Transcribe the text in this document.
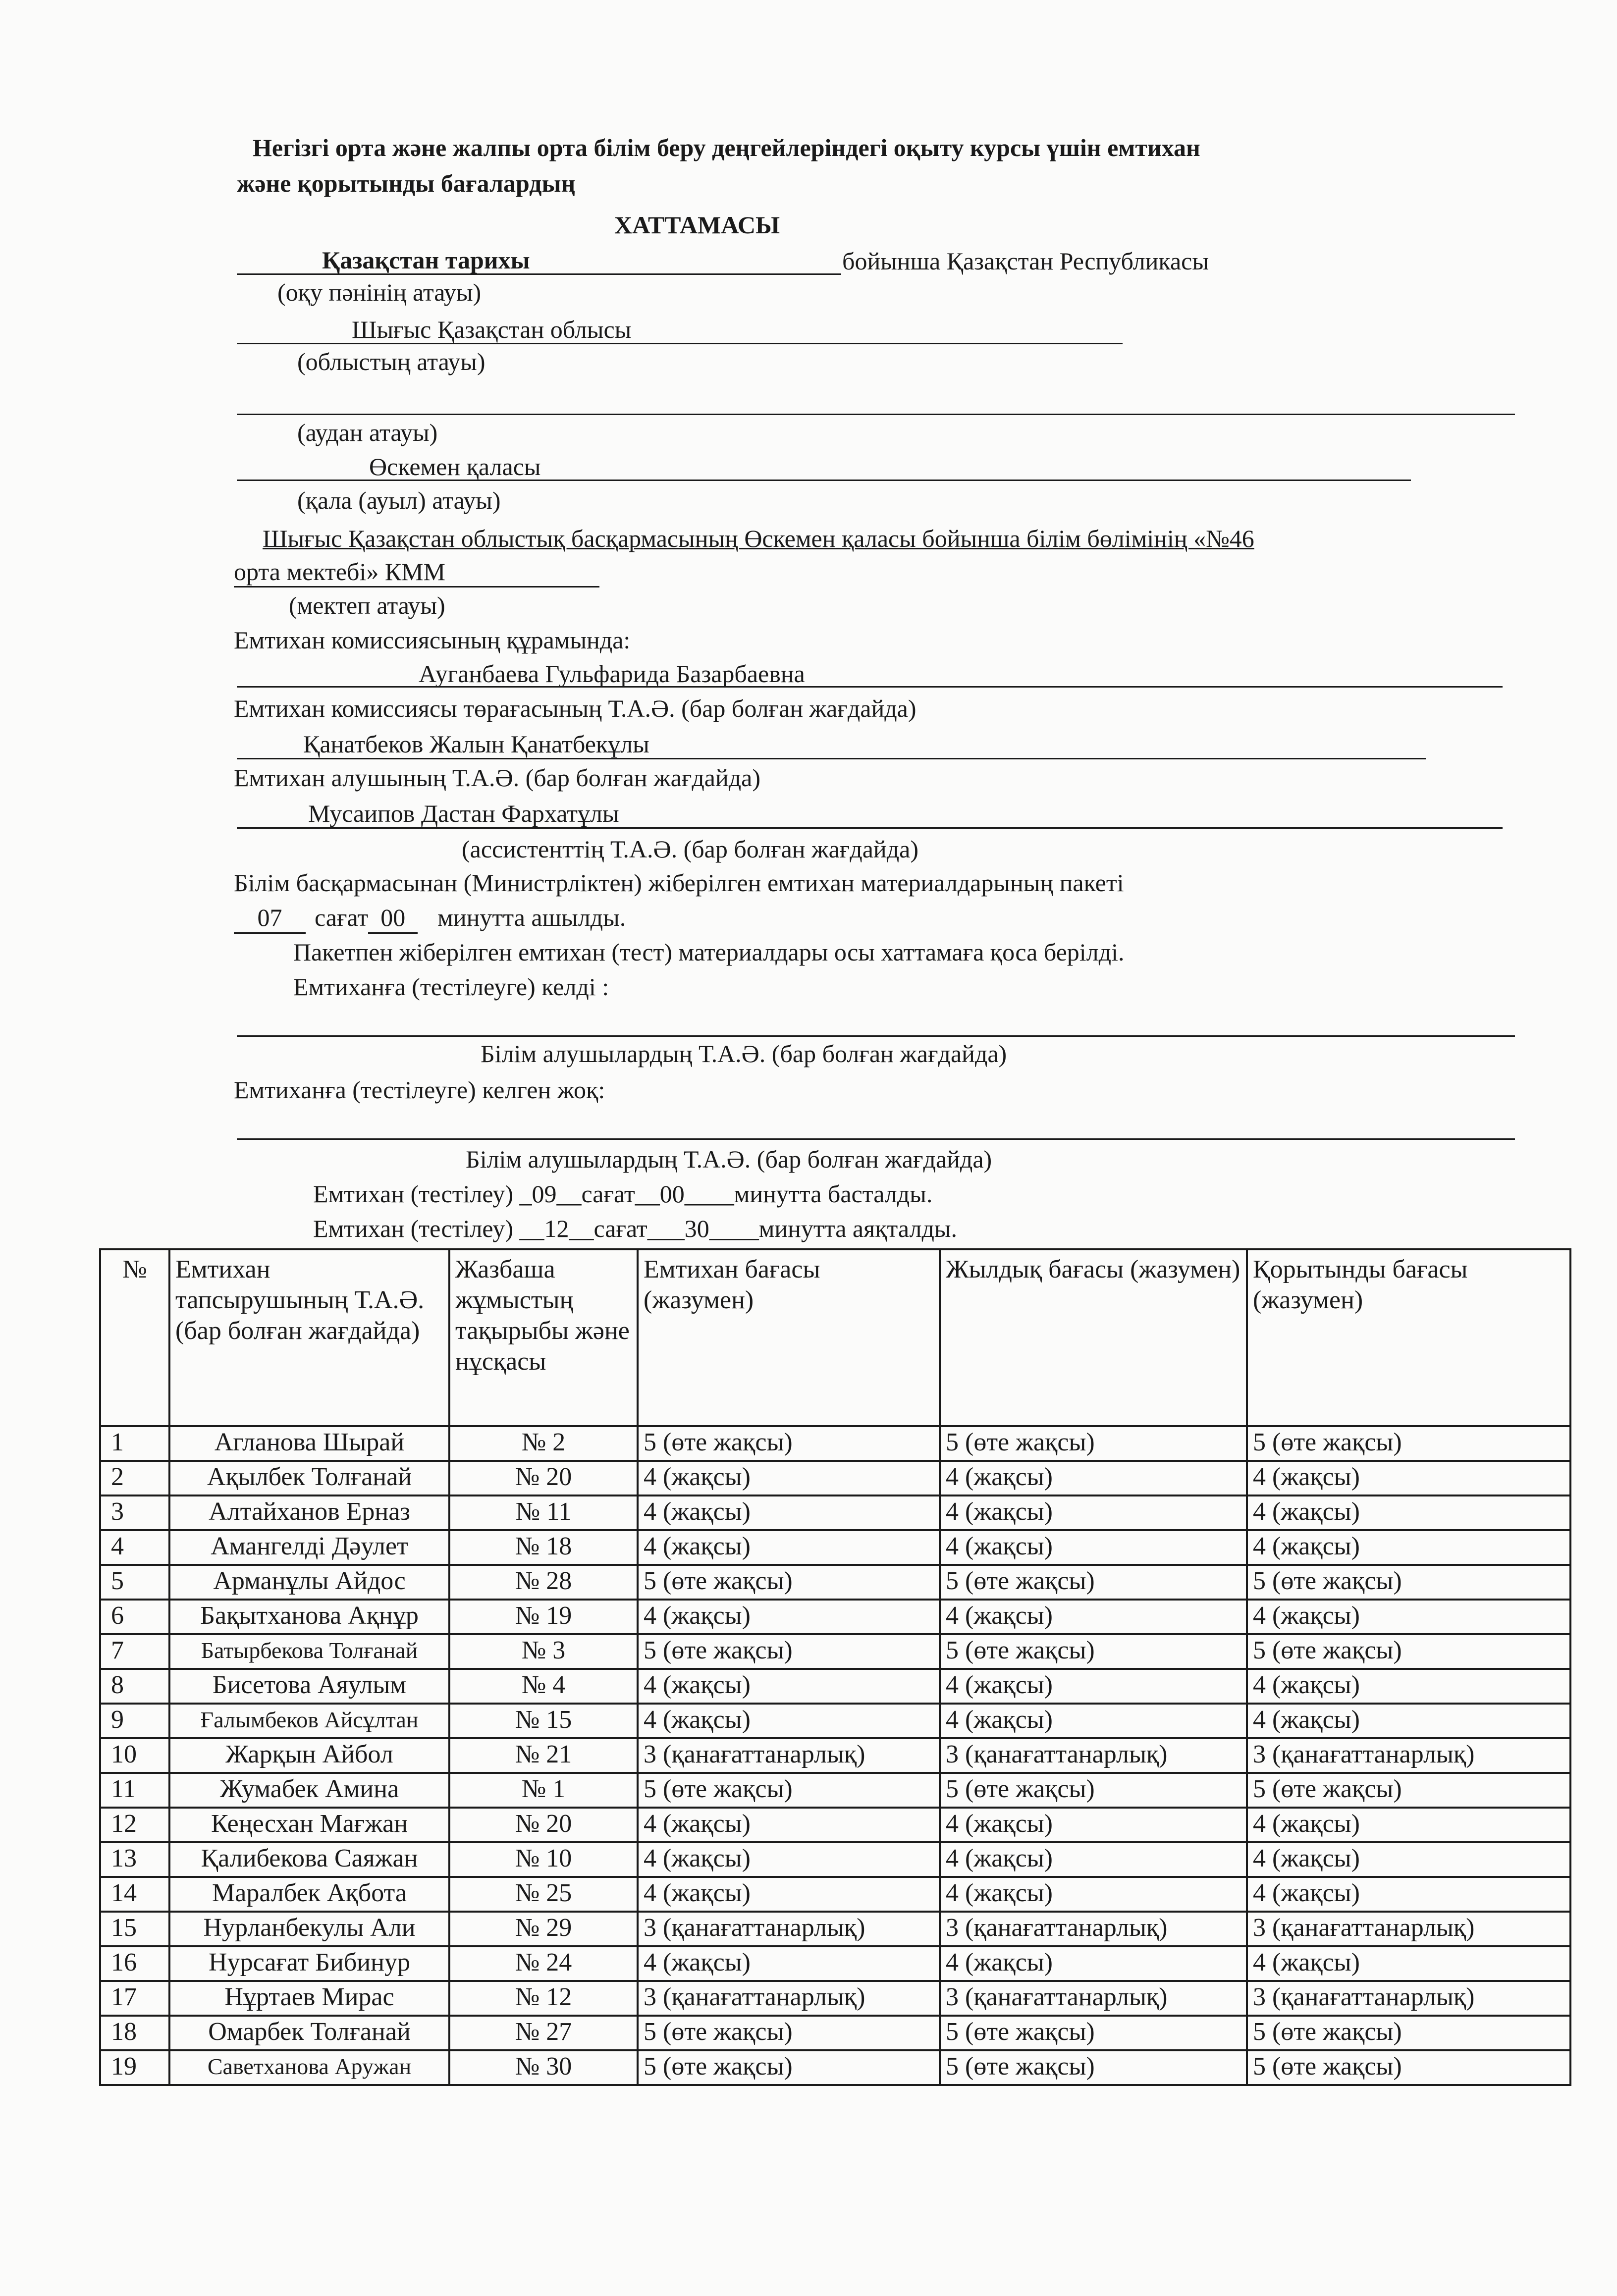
Негізгі орта және жалпы орта білім беру деңгейлеріндегі оқыту курсы үшін емтихан
және қорытынды бағалардың
ХАТТАМАСЫ
Қазақстан тарихы	бойынша Қазақстан Республикасы
(оқу пәнінің атауы)
Шығыс Қазақстан облысы
(облыстың атауы)
(аудан атауы)
Өскемен қаласы
(қала (ауыл) атауы)
Шығыс Қазақстан облыстық басқармасының Өскемен қаласы бойынша білім бөлімінің «№46
орта мектебі» КММ
(мектеп атауы)
Емтихан комиссиясының құрамында:
Ауганбаева Гульфарида Базарбаевна
Емтихан комиссиясы төрағасының Т.А.Ә. (бар болған жағдайда)
Қанатбеков Жалын Қанатбекұлы
Емтихан алушының Т.А.Ә. (бар болған жағдайда)
Мусаипов Дастан Фархатұлы
(ассистенттің Т.А.Ә. (бар болған жағдайда)
Білім басқармасынан (Министрліктен) жіберілген емтихан материалдарының пакеті
07 сағат 00 минутта ашылды.
Пакетпен жіберілген емтихан (тест) материалдары осы хаттамаға қоса берілді.
Емтиханға (тестілеуге) келді :
Білім алушылардың Т.А.Ә. (бар болған жағдайда)
Емтиханға (тестілеуге) келген жоқ:
Білім алушылардың Т.А.Ә. (бар болған жағдайда)
Емтихан (тестілеу) _09__сағат__00____минутта басталды.
Емтихан (тестілеу) __12__сағат___30____минутта аяқталды.
№	Емтихан тапсырушының Т.А.Ә. (бар болған жағдайда)	Жазбаша жұмыстың тақырыбы және нұсқасы	Емтихан бағасы (жазумен)	Жылдық бағасы (жазумен)	Қорытынды бағасы (жазумен)
1	Агланова Шырай	№ 2	5 (өте жақсы)	5 (өте жақсы)	5 (өте жақсы)
2	Ақылбек Толғанай	№ 20	4 (жақсы)	4 (жақсы)	4 (жақсы)
3	Алтайханов Ерназ	№ 11	4 (жақсы)	4 (жақсы)	4 (жақсы)
4	Амангелді Дәулет	№ 18	4 (жақсы)	4 (жақсы)	4 (жақсы)
5	Арманұлы Айдос	№ 28	5 (өте жақсы)	5 (өте жақсы)	5 (өте жақсы)
6	Бақытханова Ақнұр	№ 19	4 (жақсы)	4 (жақсы)	4 (жақсы)
7	Батырбекова Толғанай	№ 3	5 (өте жақсы)	5 (өте жақсы)	5 (өте жақсы)
8	Бисетова Аяулым	№ 4	4 (жақсы)	4 (жақсы)	4 (жақсы)
9	Ғалымбеков Айсұлтан	№ 15	4 (жақсы)	4 (жақсы)	4 (жақсы)
10	Жарқын Айбол	№ 21	3 (қанағаттанарлық)	3 (қанағаттанарлық)	3 (қанағаттанарлық)
11	Жумабек Амина	№ 1	5 (өте жақсы)	5 (өте жақсы)	5 (өте жақсы)
12	Кеңесхан Мағжан	№ 20	4 (жақсы)	4 (жақсы)	4 (жақсы)
13	Қалибекова Саяжан	№ 10	4 (жақсы)	4 (жақсы)	4 (жақсы)
14	Маралбек Ақбота	№ 25	4 (жақсы)	4 (жақсы)	4 (жақсы)
15	Нурланбекулы Али	№ 29	3 (қанағаттанарлық)	3 (қанағаттанарлық)	3 (қанағаттанарлық)
16	Нурсағат Бибинур	№ 24	4 (жақсы)	4 (жақсы)	4 (жақсы)
17	Нұртаев Мирас	№ 12	3 (қанағаттанарлық)	3 (қанағаттанарлық)	3 (қанағаттанарлық)
18	Омарбек Толғанай	№ 27	5 (өте жақсы)	5 (өте жақсы)	5 (өте жақсы)
19	Саветханова Аружан	№ 30	5 (өте жақсы)	5 (өте жақсы)	5 (өте жақсы)
